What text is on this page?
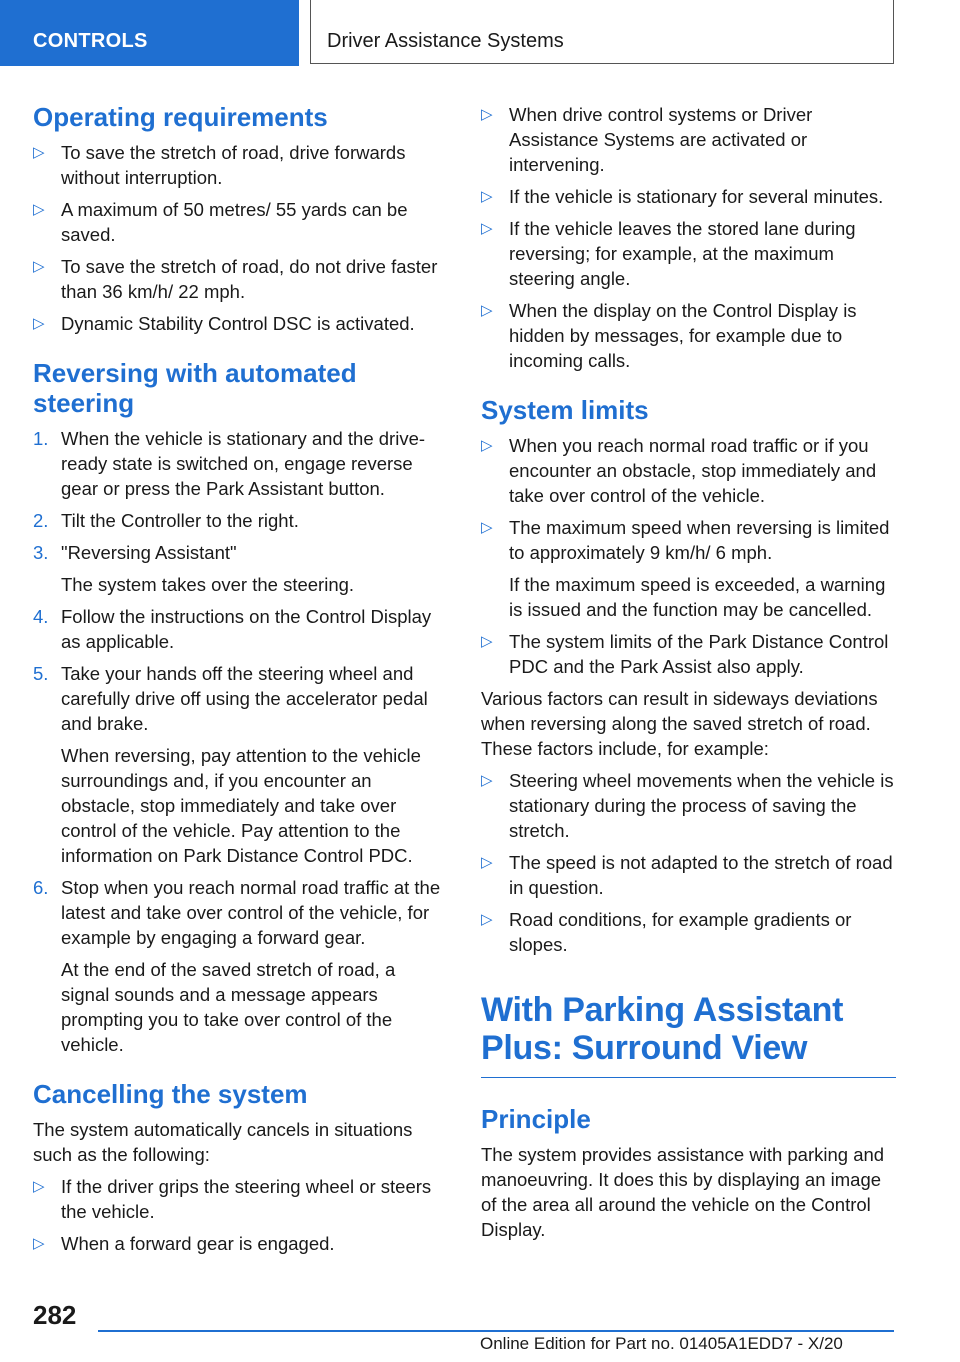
CONTROLS	Driver Assistance Systems
Operating requirements
▷ To save the stretch of road, drive forwards without interruption.

▷ A maximum of 50 metres/ 55 yards can be saved.

▷ To save the stretch of road, do not drive faster than 36 km/h/ 22 mph.

▷ Dynamic Stability Control DSC is activated.

Reversing with automated steering
1. When the vehicle is stationary and the drive-ready state is switched on, engage reverse gear or press the Park Assistant button.

2. Tilt the Controller to the right.

3. "Reversing Assistant"

The system takes over the steering.

4. Follow the instructions on the Control Display as applicable.

5. Take your hands off the steering wheel and carefully drive off using the accelerator pedal and brake.

When reversing, pay attention to the vehicle surroundings and, if you encounter an obstacle, stop immediately and take over control of the vehicle. Pay attention to the information on Park Distance Control PDC.

6. Stop when you reach normal road traffic at the latest and take over control of the vehicle, for example by engaging a forward gear.

At the end of the saved stretch of road, a signal sounds and a message appears prompting you to take over control of the vehicle.

Cancelling the system

The system automatically cancels in situations such as the following:

▷ If the driver grips the steering wheel or steers the vehicle.

▷ When a forward gear is engaged.

▷ When drive control systems or Driver Assistance Systems are activated or intervening.

▷ If the vehicle is stationary for several minutes.

▷ If the vehicle leaves the stored lane during reversing; for example, at the maximum steering angle.

▷ When the display on the Control Display is hidden by messages, for example due to incoming calls.

System limits
▷ When you reach normal road traffic or if you encounter an obstacle, stop immediately and take over control of the vehicle.

▷ The maximum speed when reversing is limited to approximately 9 km/h/ 6 mph.

If the maximum speed is exceeded, a warning is issued and the function may be cancelled.

▷ The system limits of the Park Distance Control PDC and the Park Assist also apply.

Various factors can result in sideways deviations when reversing along the saved stretch of road. These factors include, for example:

▷ Steering wheel movements when the vehicle is stationary during the process of saving the stretch.

▷ The speed is not adapted to the stretch of road in question.

▷ Road conditions, for example gradients or slopes.

With Parking Assistant Plus: Surround View
Principle

The system provides assistance with parking and manoeuvring. It does this by displaying an image of the area all around the vehicle on the Control Display.

282
Online Edition for Part no. 01405A1EDD7 - X/20
